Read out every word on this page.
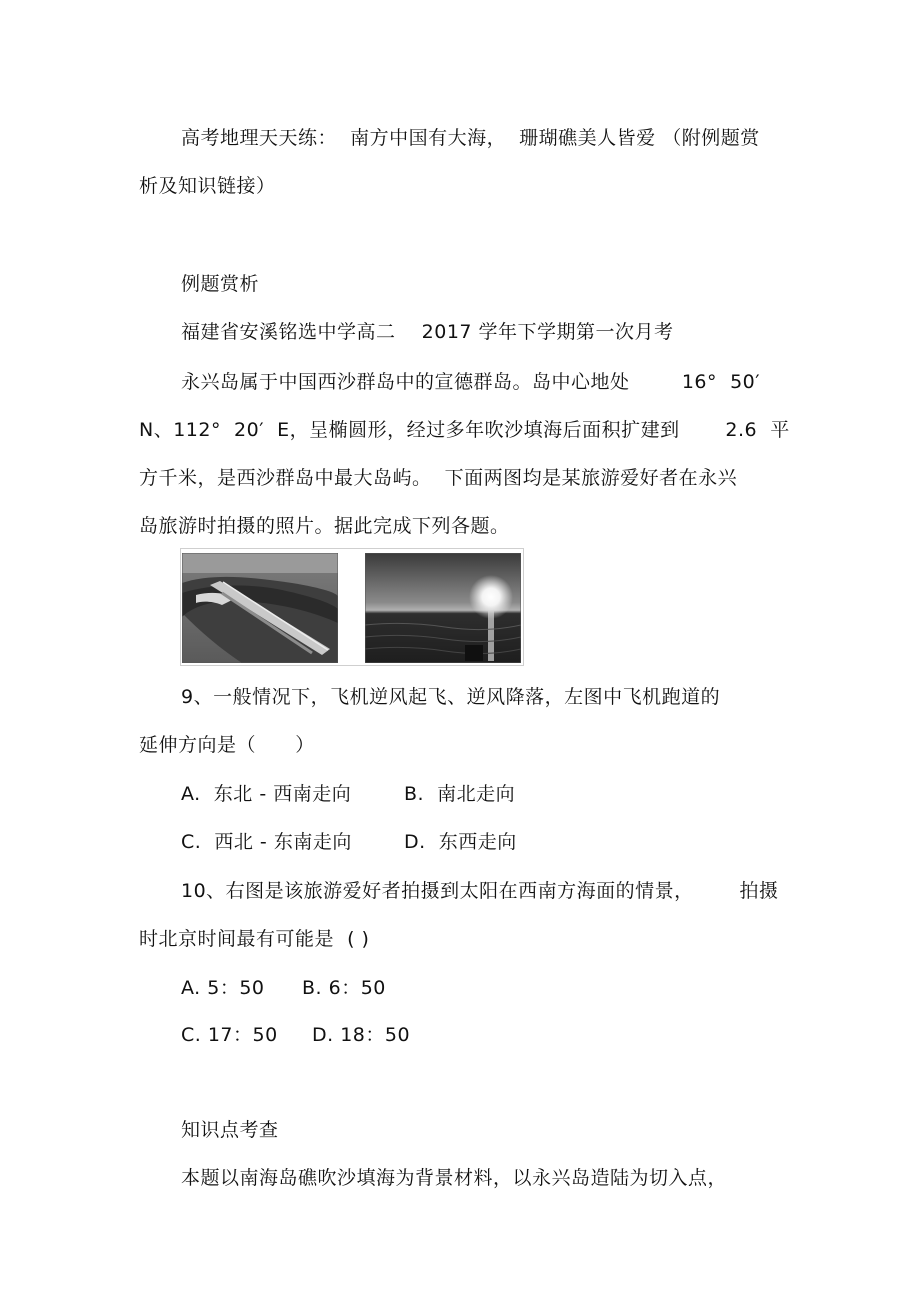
高考地理天天练：  南方中国有大海，  珊瑚礁美人皆爱 （附例题赏
析及知识链接）
例题赏析
福建省安溪铭选中学高二    2017 学年下学期第一次月考
永兴岛属于中国西沙群岛中的宣德群岛。岛中心地处        16°  50′
N、112°  20′  E，呈椭圆形，经过多年吹沙填海后面积扩建到       2.6  平
方千米，是西沙群岛中最大岛屿。  下面两图均是某旅游爱好者在永兴
岛旅游时拍摄的照片。据此完成下列各题。
9、一般情况下，飞机逆风起飞、逆风降落，左图中飞机跑道的
延伸方向是（      ）
A.  东北 - 西南走向	B.  南北走向
C.  西北 - 东南走向	D.  东西走向
10、右图是该旅游爱好者拍摄到太阳在西南方海面的情景，       拍摄
时北京时间最有可能是  ( )
A. 5：50 B. 6：50
C. 17：50 D. 18：50
知识点考查
本题以南海岛礁吹沙填海为背景材料，以永兴岛造陆为切入点，
